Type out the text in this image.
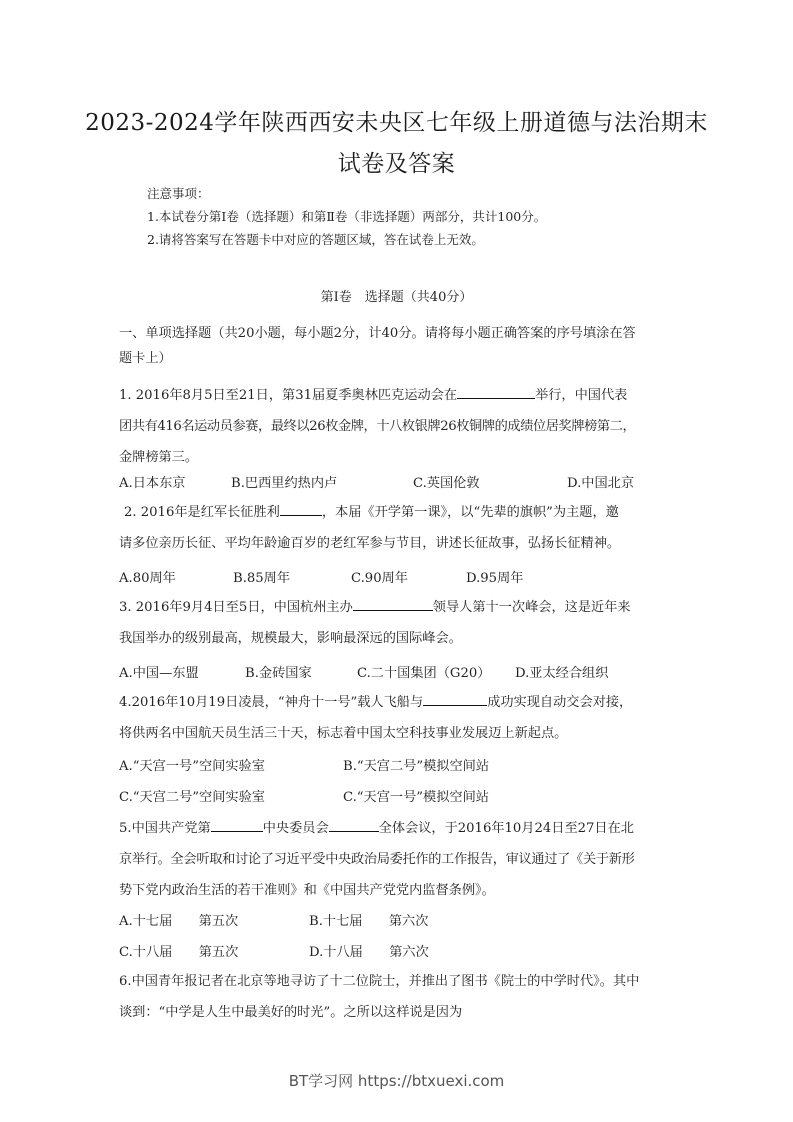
2023-2024学年陕西西安未央区七年级上册道德与法治期末
试卷及答案
注意事项：
1.本试卷分第Ⅰ卷（选择题）和第Ⅱ卷（非选择题）两部分，共计100分。
2.请将答案写在答题卡中对应的答题区域，答在试卷上无效。
第Ⅰ卷　选择题（共40分）
一、单项选择题（共20小题，每小题2分，计40分。请将每小题正确答案的序号填涂在答
题卡上）
1. 2016年8月5日至21日，第31届夏季奥林匹克运动会在	举行，中国代表
团共有416名运动员参赛，最终以26枚金牌，十八枚银牌26枚铜牌的成绩位居奖牌榜第二，
金牌榜第三。
A.日本东京	B.巴西里约热内卢	C.英国伦敦	D.中国北京
2. 2016年是红军长征胜利	，本届《开学第一课》，以“先辈的旗帜”为主题，邀
请多位亲历长征、平均年龄逾百岁的老红军参与节目，讲述长征故事，弘扬长征精神。
A.80周年	B.85周年	C.90周年	D.95周年
3. 2016年9月4日至5日，中国杭州主办	领导人第十一次峰会，这是近年来
我国举办的级别最高，规模最大，影响最深远的国际峰会。
A.中国—东盟	B.金砖国家	C.二十国集团（G20） D.亚太经合组织
4.2016年10月19日凌晨，“神舟十一号”载人飞船与	成功实现自动交会对接，
将供两名中国航天员生活三十天，标志着中国太空科技事业发展迈上新起点。
A.“天宫一号”空间实验室	B.“天宫二号”模拟空间站
C.“天宫二号”空间实验室	C.“天宫一号”模拟空间站
5.中国共产党第	中央委员会	全体会议，于2016年10月24日至27日在北
京举行。全会听取和讨论了习近平受中央政治局委托作的工作报告，审议通过了《关于新形
势下党内政治生活的若干准则》和《中国共产党党内监督条例》。
A.十七届　　第五次	B.十七届　　第六次
C.十八届　　第五次	D.十八届　　第六次
6.中国青年报记者在北京等地寻访了十二位院士，并推出了图书《院士的中学时代》。其中
谈到：“中学是人生中最美好的时光”。之所以这样说是因为
BT学习网 https://btxuexi.com
